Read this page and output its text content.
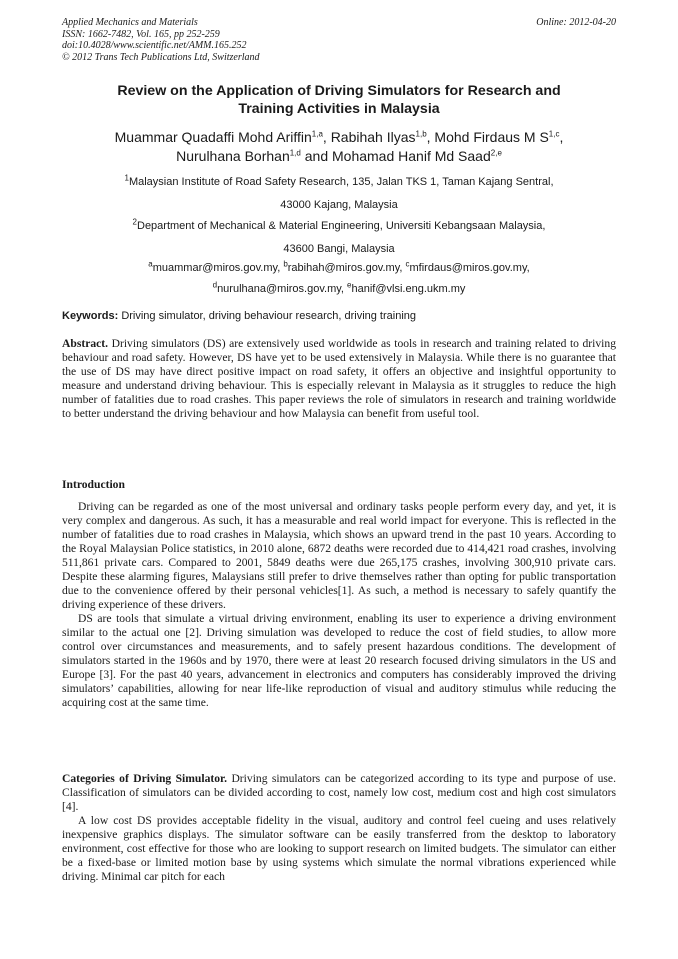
Applied Mechanics and Materials
ISSN: 1662-7482, Vol. 165, pp 252-259
doi:10.4028/www.scientific.net/AMM.165.252
© 2012 Trans Tech Publications Ltd, Switzerland
Online: 2012-04-20
Review on the Application of Driving Simulators for Research and
Training Activities in Malaysia
Muammar Quadaffi Mohd Ariffin$^{1,a}$, Rabihah Ilyas$^{1,b}$, Mohd Firdaus M S$^{1,c}$,
Nurulhana Borhan$^{1,d}$ and Mohamad Hanif Md Saad$^{2,e}$
$^1$Malaysian Institute of Road Safety Research, 135, Jalan TKS 1, Taman Kajang Sentral,
43000 Kajang, Malaysia
$^2$Department of Mechanical & Material Engineering, Universiti Kebangsaan Malaysia,
43600 Bangi, Malaysia
$^a$muammar@miros.gov.my, $^b$rabihah@miros.gov.my, $^c$mfirdaus@miros.gov.my,
$^d$nurulhana@miros.gov.my, $^e$hanif@vlsi.eng.ukm.my
Keywords: Driving simulator, driving behaviour research, driving training

Abstract. Driving simulators (DS) are extensively used worldwide as tools in research and training related to driving behaviour and road safety. However, DS have yet to be used extensively in Malaysia. While there is no guarantee that the use of DS may have direct positive impact on road safety, it offers an objective and insightful opportunity to measure and understand driving behaviour. This is especially relevant in Malaysia as it struggles to reduce the high number of fatalities due to road crashes. This paper reviews the role of simulators in research and training worldwide to better understand the driving behaviour and how Malaysia can benefit from useful tool.

Introduction

Driving can be regarded as one of the most universal and ordinary tasks people perform every day, and yet, it is very complex and dangerous. As such, it has a measurable and real world impact for everyone. This is reflected in the number of fatalities due to road crashes in Malaysia, which shows an upward trend in the past 10 years. According to the Royal Malaysian Police statistics, in 2010 alone, 6872 deaths were recorded due to 414,421 road crashes, involving 511,861 private cars. Compared to 2001, 5849 deaths were due 265,175 crashes, involving 300,910 private cars. Despite these alarming figures, Malaysians still prefer to drive themselves rather than opting for public transportation due to the convenience offered by their personal vehicles[1]. As such, a method is necessary to safely quantify the driving experience of these drivers.

DS are tools that simulate a virtual driving environment, enabling its user to experience a driving environment similar to the actual one [2]. Driving simulation was developed to reduce the cost of field studies, to allow more control over circumstances and measurements, and to safely present hazardous conditions. The development of simulators started in the 1960s and by 1970, there were at least 20 research focused driving simulators in the US and Europe [3]. For the past 40 years, advancement in electronics and computers has considerably improved the driving simulators’ capabilities, allowing for near life-like reproduction of visual and auditory stimulus while reducing the acquiring cost at the same time.

Categories of Driving Simulator. Driving simulators can be categorized according to its type and purpose of use. Classification of simulators can be divided according to cost, namely low cost, medium cost and high cost simulators [4].

A low cost DS provides acceptable fidelity in the visual, auditory and control feel cueing and uses relatively inexpensive graphics displays. The simulator software can be easily transferred from the desktop to laboratory environment, cost effective for those who are looking to support research on limited budgets. The simulator can either be a fixed-base or limited motion base by using systems which simulate the normal vibrations experienced while driving. Minimal car pitch for each
